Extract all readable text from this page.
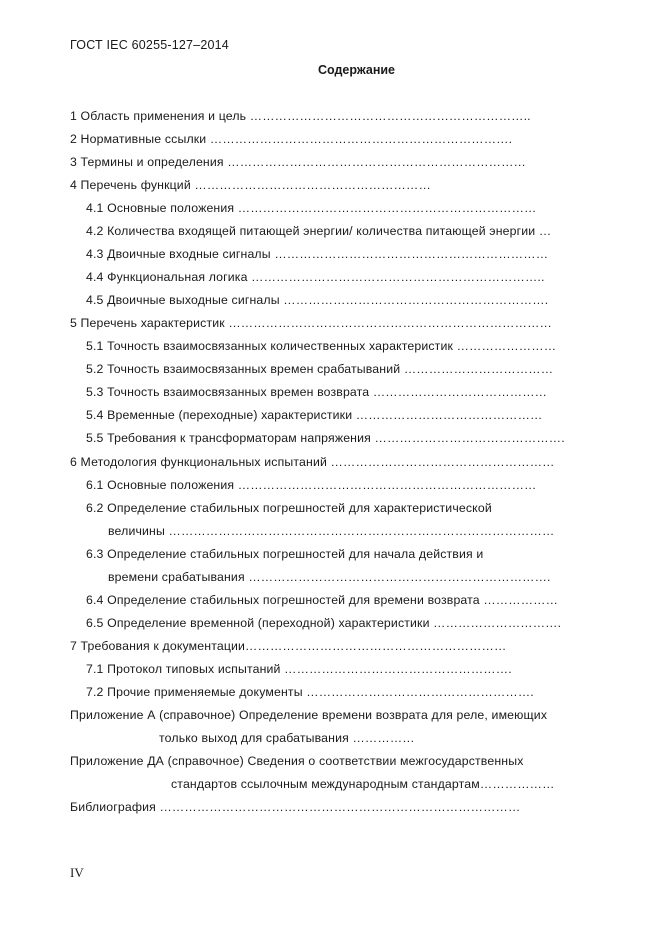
ГОСТ IEC 60255-127–2014
Содержание
1 Область применения и цель …………………………………………………………..
2 Нормативные ссылки ……………………………………………………………….
3 Термины и определения ………………………………………………………………
4 Перечень функций …………………………………………………
4.1 Основные положения ………………………………………………………………
4.2 Количества входящей питающей энергии/ количества питающей энергии …
4.3 Двоичные входные сигналы …………………………………………………………
4.4 Функциональная логика ……………………………………………………………..
4.5 Двоичные выходные сигналы ……………………………………………………….
5 Перечень характеристик ……………………………………………………………………
5.1 Точность взаимосвязанных количественных характеристик ……………………
5.2 Точность взаимосвязанных времен срабатываний ………………………………
5.3 Точность взаимосвязанных времен возврата ……………………………………
5.4 Временные (переходные) характеристики ………………………………………
5.5 Требования к трансформаторам напряжения ……………………………………….
6 Методология функциональных испытаний ………………………………………………
6.1 Основные положения ………………………………………………………………
6.2 Определение стабильных погрешностей для характеристической
величины …………………………………………………………………………………
6.3 Определение стабильных погрешностей для начала действия и
времени срабатывания ……………………………………………………………….
6.4 Определение стабильных погрешностей для времени возврата ………………
6.5 Определение временной (переходной) характеристики ………………………….
7 Требования к документации………………………………………………………
7.1 Протокол типовых испытаний ……………………………………………….
7.2 Прочие применяемые документы ……………………………………………….
Приложение А (справочное) Определение времени возврата для реле, имеющих
только выход для срабатывания ……………
Приложение ДА (справочное) Сведения о соответствии межгосударственных
стандартов ссылочным международным стандартам………………
Библиография ……………………………………………………………………………
IV
